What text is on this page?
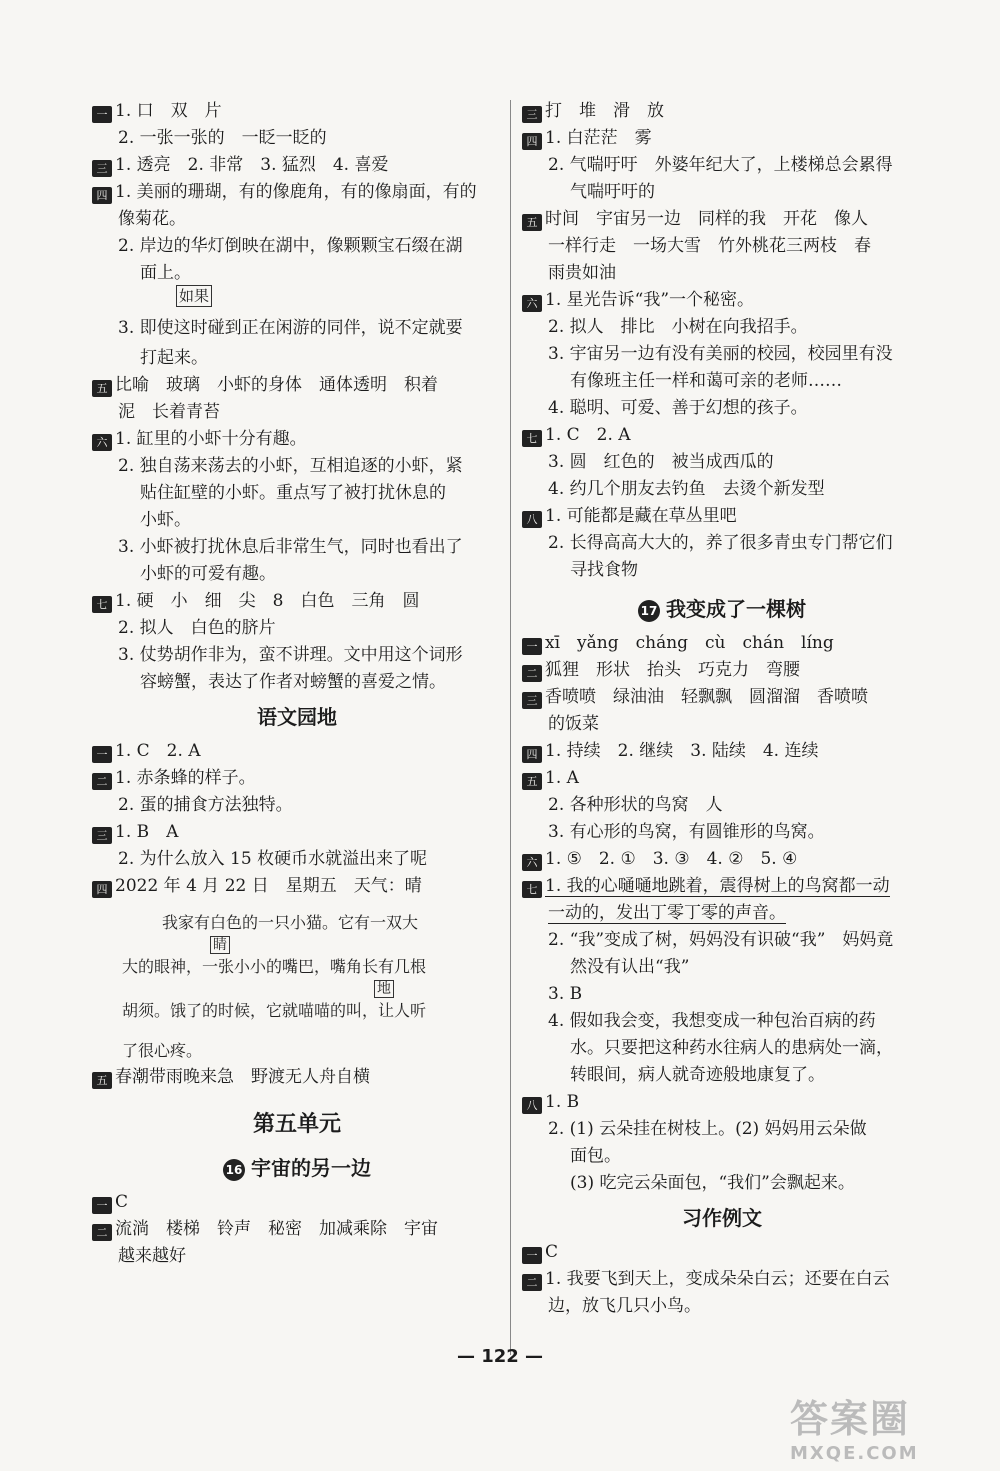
一 1. 口　双　片
2. 一张一张的　一眨一眨的
三 1. 透亮　2. 非常　3. 猛烈　4. 喜爱
四 1. 美丽的珊瑚，有的像鹿角，有的像扇面，有的
像菊花。
2. 岸边的华灯倒映在湖中，像颗颗宝石缀在湖
面上。
如果
3. 即使这时碰到正在闲游的同伴，说不定就要
打起来。
五 比喻　玻璃　小虾的身体　通体透明　积着
泥　长着青苔
六 1. 缸里的小虾十分有趣。
2. 独自荡来荡去的小虾，互相追逐的小虾，紧
贴住缸壁的小虾。重点写了被打扰休息的
小虾。
3. 小虾被打扰休息后非常生气，同时也看出了
小虾的可爱有趣。
七 1. 硬　小　细　尖　8　白色　三角　圆
2. 拟人　白色的脐片
3. 仗势胡作非为，蛮不讲理。文中用这个词形
容螃蟹，表达了作者对螃蟹的喜爱之情。
语文园地
一 1. C　2. A
二 1. 赤条蜂的样子。
2. 蛋的捕食方法独特。
三 1. B　A
2. 为什么放入 15 枚硬币水就溢出来了呢
四 2022 年 4 月 22 日　星期五　天气：晴
我家有白色的一只小猫。它有一双大
睛
大的眼神，一张小小的嘴巴，嘴角长有几根
地
胡须。饿了的时候，它就喵喵的叫，让人听
了很心疼。
五 春潮带雨晚来急　野渡无人舟自横
第五单元
16 宇宙的另一边
一 C
二 流淌　楼梯　铃声　秘密　加减乘除　宇宙
越来越好
三 打　堆　滑　放
四 1. 白茫茫　雾
2. 气喘吁吁　外婆年纪大了，上楼梯总会累得
气喘吁吁的
五 时间　宇宙另一边　同样的我　开花　像人
一样行走　一场大雪　竹外桃花三两枝　春
雨贵如油
六 1. 星光告诉“我”一个秘密。
2. 拟人　排比　小树在向我招手。
3. 宇宙另一边有没有美丽的校园，校园里有没
有像班主任一样和蔼可亲的老师……
4. 聪明、可爱、善于幻想的孩子。
七 1. C　2. A
3. 圆　红色的　被当成西瓜的
4. 约几个朋友去钓鱼　去烫个新发型
八 1. 可能都是藏在草丛里吧
2. 长得高高大大的，养了很多青虫专门帮它们
寻找食物
17 我变成了一棵树
一 xī　yǎng　cháng　cù　chán　líng
二 狐狸　形状　抬头　巧克力　弯腰
三 香喷喷　绿油油　轻飘飘　圆溜溜　香喷喷
的饭菜
四 1. 持续　2. 继续　3. 陆续　4. 连续
五 1. A
2. 各种形状的鸟窝　人
3. 有心形的鸟窝，有圆锥形的鸟窝。
六 1. ⑤　2. ①　3. ③　4. ②　5. ④
七 1. 我的心嗵嗵地跳着，震得树上的鸟窝都一动
一动的，发出丁零丁零的声音。
2. “我”变成了树，妈妈没有识破“我”　妈妈竟
然没有认出“我”
3. B
4. 假如我会变，我想变成一种包治百病的药
水。只要把这种药水往病人的患病处一滴，
转眼间，病人就奇迹般地康复了。
八 1. B
2. (1) 云朵挂在树枝上。(2) 妈妈用云朵做
面包。
(3) 吃完云朵面包，“我们”会飘起来。
习作例文
一 C
二 1. 我要飞到天上，变成朵朵白云；还要在白云
边，放飞几只小鸟。
— 122 —
答案圈
MXQE.COM
